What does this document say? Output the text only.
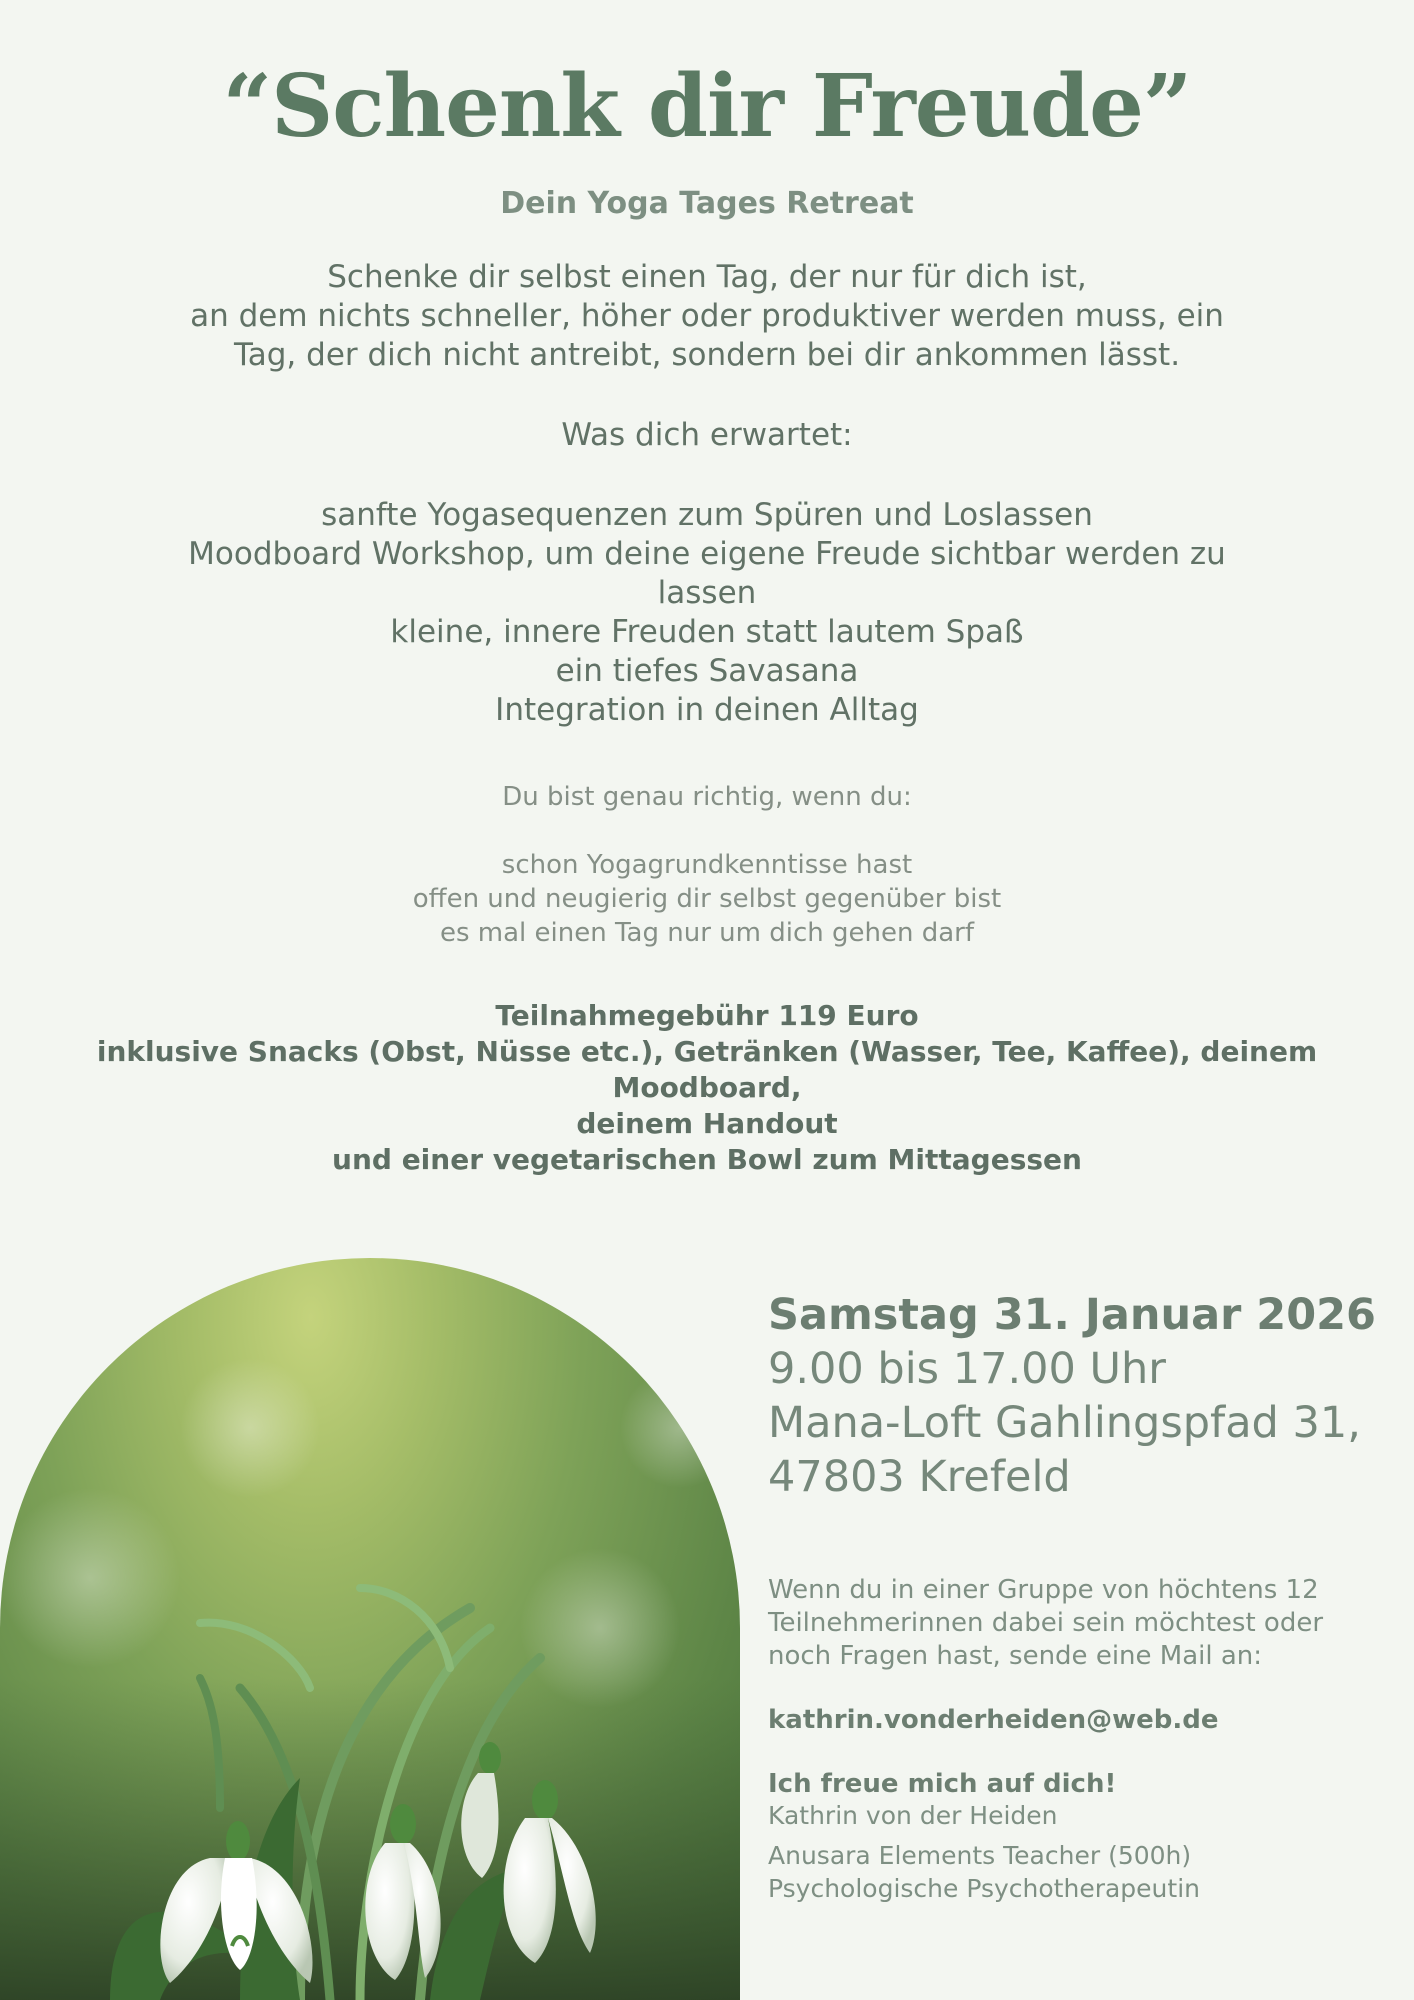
“Schenk dir Freude”
Dein Yoga Tages Retreat
Schenke dir selbst einen Tag, der nur für dich ist,
an dem nichts schneller, höher oder produktiver werden muss, ein
Tag, der dich nicht antreibt, sondern bei dir ankommen lässt.
Was dich erwartet:
sanfte Yogasequenzen zum Spüren und Loslassen
Moodboard Workshop, um deine eigene Freude sichtbar werden zu
lassen
kleine, innere Freuden statt lautem Spaß
ein tiefes Savasana
Integration in deinen Alltag
Du bist genau richtig, wenn du:
schon Yogagrundkenntisse hast
offen und neugierig dir selbst gegenüber bist
es mal einen Tag nur um dich gehen darf
Teilnahmegebühr 119 Euro
inklusive Snacks (Obst, Nüsse etc.), Getränken (Wasser, Tee, Kaffee), deinem Moodboard,
deinem Handout
und einer vegetarischen Bowl zum Mittagessen
Samstag 31. Januar 2026
9.00 bis 17.00 Uhr
Mana-Loft Gahlingspfad 31,
47803 Krefeld
Wenn du in einer Gruppe von höchtens 12
Teilnehmerinnen dabei sein möchtest oder
noch Fragen hast, sende eine Mail an:
kathrin.vonderheiden@web.de
Ich freue mich auf dich!
Kathrin von der Heiden
Anusara Elements Teacher (500h)
Psychologische Psychotherapeutin
